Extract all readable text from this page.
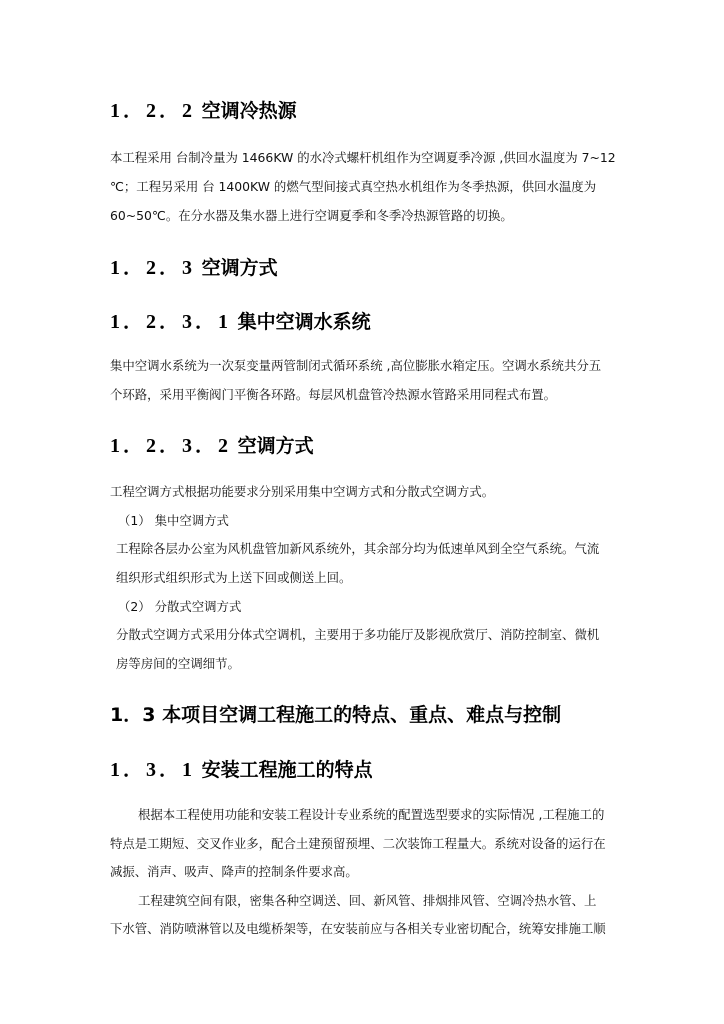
1．2．2 空调冷热源
本工程采用 台制冷量为 1466KW 的水冷式螺杆机组作为空调夏季冷源 ,供回水温度为 7~12
℃；工程另采用 台 1400KW 的燃气型间接式真空热水机组作为冬季热源，供回水温度为
60~50℃。在分水器及集水器上进行空调夏季和冬季冷热源管路的切换。
1．2．3 空调方式
1．2．3．1 集中空调水系统
集中空调水系统为一次泵变量两管制闭式循环系统 ,高位膨胀水箱定压。空调水系统共分五
个环路，采用平衡阀门平衡各环路。每层风机盘管冷热源水管路采用同程式布置。
1．2．3．2 空调方式
工程空调方式根据功能要求分别采用集中空调方式和分散式空调方式。
（1） 集中空调方式
工程除各层办公室为风机盘管加新风系统外，其余部分均为低速单风到全空气系统。气流
组织形式组织形式为上送下回或侧送上回。
（2） 分散式空调方式
分散式空调方式采用分体式空调机，主要用于多功能厅及影视欣赏厅、消防控制室、微机
房等房间的空调细节。
1．3 本项目空调工程施工的特点、重点、难点与控制
1．3．1 安装工程施工的特点
根据本工程使用功能和安装工程设计专业系统的配置选型要求的实际情况 ,工程施工的
特点是工期短、交叉作业多，配合土建预留预埋、二次装饰工程量大。系统对设备的运行在
减振、消声、吸声、降声的控制条件要求高。
工程建筑空间有限，密集各种空调送、回、新风管、排烟排风管、空调冷热水管、上
下水管、消防喷淋管以及电缆桥架等，在安装前应与各相关专业密切配合，统筹安排施工顺
